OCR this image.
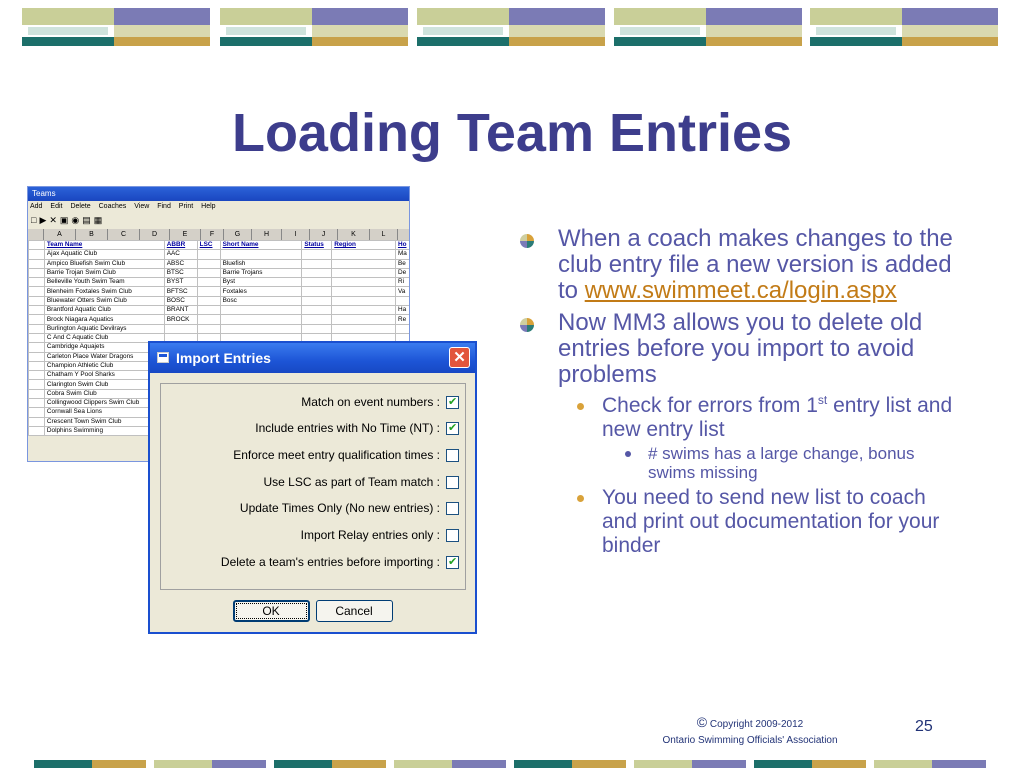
Loading Team Entries
Teams
Add Edit Delete Coaches View Find Print Help
□▶✕▣◉▤▦
A	B	C	D	E	F	G	H	I	J	K	L
	Team Name	ABBR	LSC	Short Name	Status	Region	Ho
	Ajax Aquatic Club	AAC					Ma
	Ampico Bluefish Swim Club	ABSC		Bluefish			Be
	Barrie Trojan Swim Club	BTSC		Barrie Trojans			De
	Belleville Youth Swim Team	BYST		Byst			Ri
	Blenheim Foxtales Swim Club	BFTSC		Foxtales			Va
	Bluewater Otters Swim Club	BOSC		Bosc			
	Brantford Aquatic Club	BRANT					Ha
	Brock Niagara Aquatics	BROCK					Re
	Burlington Aquatic Devilrays						
	C And C Aquatic Club						
	Cambridge Aquajets						
	Carleton Place Water Dragons						
	Champion Athletic Club						
	Chatham Y Pool Sharks						
	Clarington Swim Club						
	Cobra Swim Club						
	Collingwood Clippers Swim Club						
	Cornwall Sea Lions						
	Crescent Town Swim Club						
	Dolphins Swimming						
Import Entries	✕
Match on event numbers :
✔
Include entries with No Time (NT) :
✔
Enforce meet entry qualification times :
Use LSC as part of Team match :
Update Times Only (No new entries) :
Import Relay entries only :
Delete a team's entries before importing :
✔
OK	Cancel
When a coach makes changes to the club entry file a new version is added to www.swimmeet.ca/login.aspx
Now MM3 allows you to delete old entries before you import to avoid problems
Check for errors from 1st entry list and new entry list
# swims has a large change, bonus swims missing
You need to send new list to coach and print out documentation for your binder
© Copyright 2009-2012
Ontario Swimming Officials' Association
25
